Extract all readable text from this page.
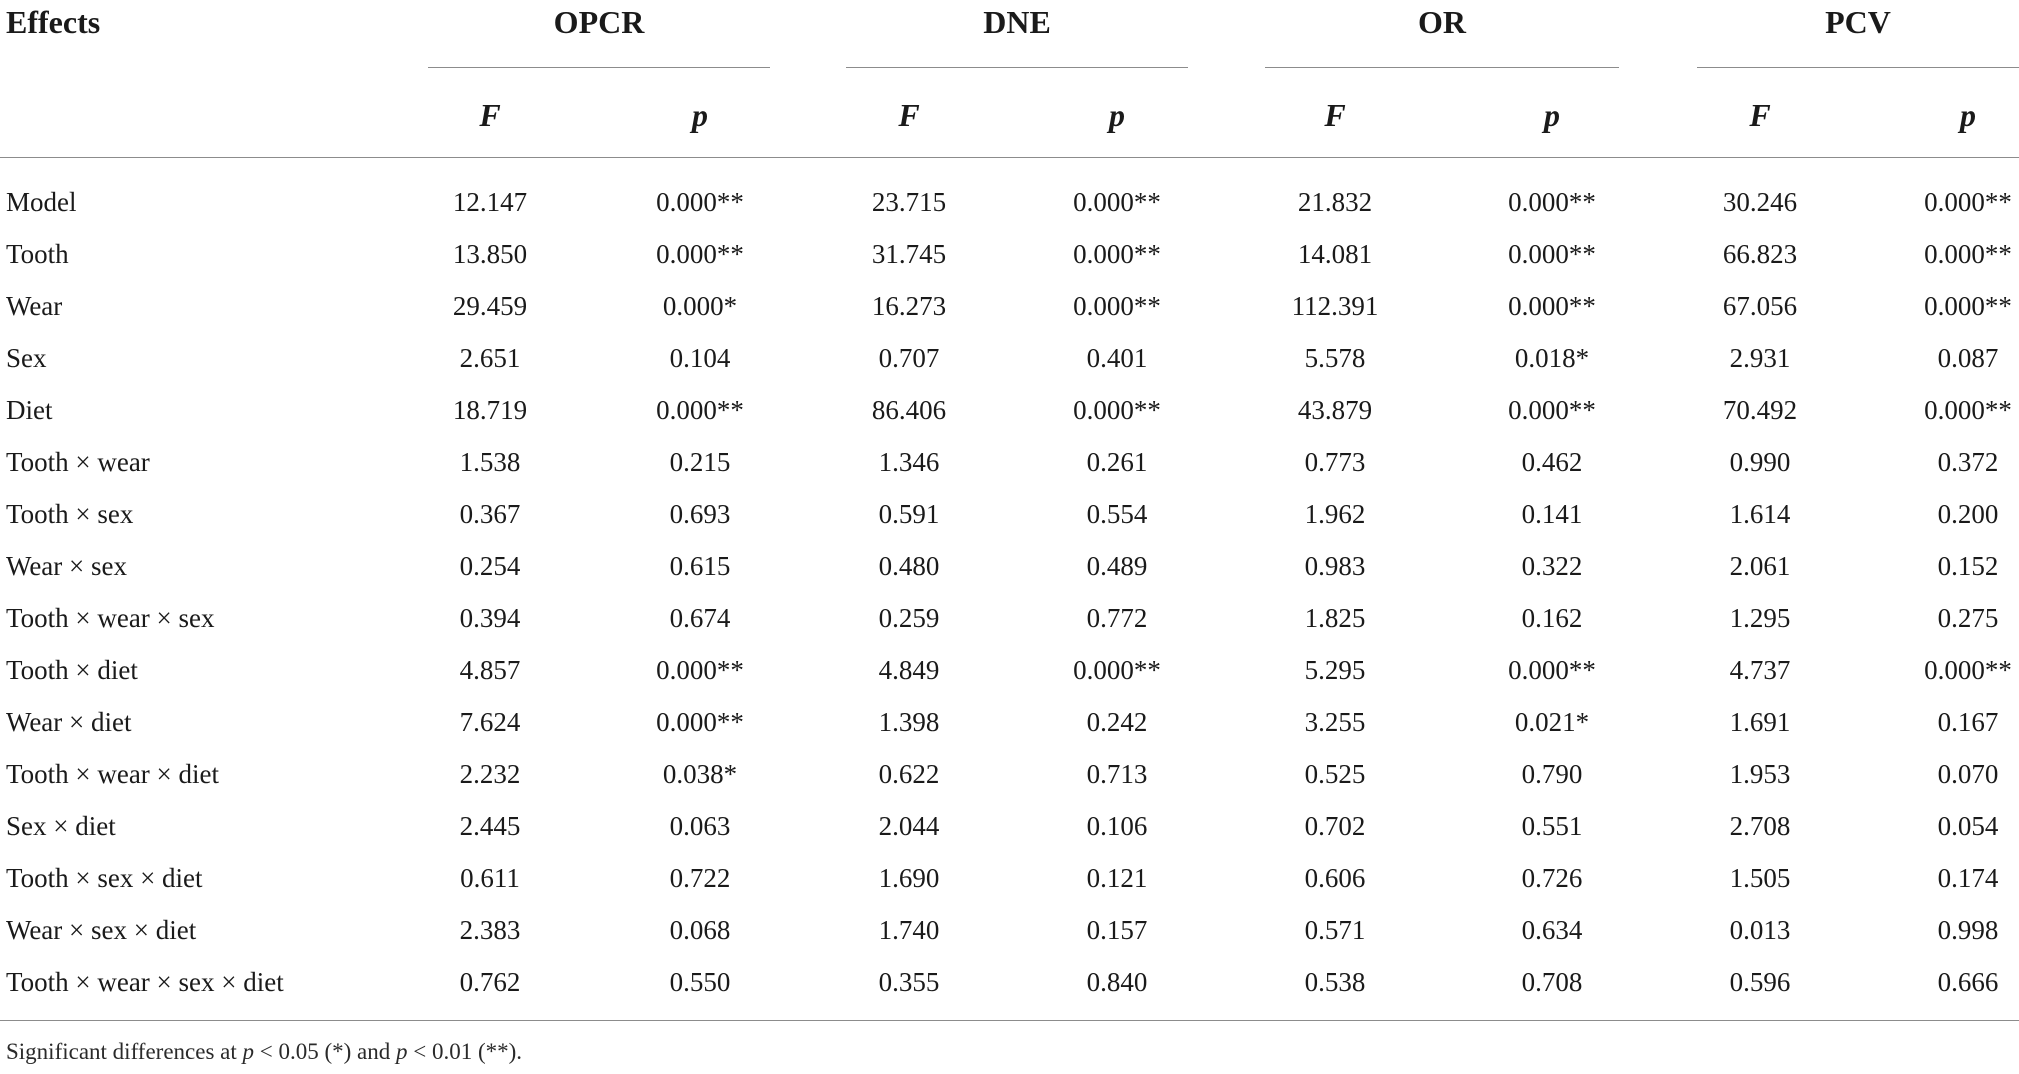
Effects	OPCR	DNE	OR	PCV
F	p	F	p	F	p	F	p
Model	12.147	0.000**	23.715	0.000**	21.832	0.000**	30.246	0.000**
Tooth	13.850	0.000**	31.745	0.000**	14.081	0.000**	66.823	0.000**
Wear	29.459	0.000*	16.273	0.000**	112.391	0.000**	67.056	0.000**
Sex	2.651	0.104	0.707	0.401	5.578	0.018*	2.931	0.087
Diet	18.719	0.000**	86.406	0.000**	43.879	0.000**	70.492	0.000**
Tooth × wear	1.538	0.215	1.346	0.261	0.773	0.462	0.990	0.372
Tooth × sex	0.367	0.693	0.591	0.554	1.962	0.141	1.614	0.200
Wear × sex	0.254	0.615	0.480	0.489	0.983	0.322	2.061	0.152
Tooth × wear × sex	0.394	0.674	0.259	0.772	1.825	0.162	1.295	0.275
Tooth × diet	4.857	0.000**	4.849	0.000**	5.295	0.000**	4.737	0.000**
Wear × diet	7.624	0.000**	1.398	0.242	3.255	0.021*	1.691	0.167
Tooth × wear × diet	2.232	0.038*	0.622	0.713	0.525	0.790	1.953	0.070
Sex × diet	2.445	0.063	2.044	0.106	0.702	0.551	2.708	0.054
Tooth × sex × diet	0.611	0.722	1.690	0.121	0.606	0.726	1.505	0.174
Wear × sex × diet	2.383	0.068	1.740	0.157	0.571	0.634	0.013	0.998
Tooth × wear × sex × diet	0.762	0.550	0.355	0.840	0.538	0.708	0.596	0.666
Significant differences at p < 0.05 (*) and p < 0.01 (**).
